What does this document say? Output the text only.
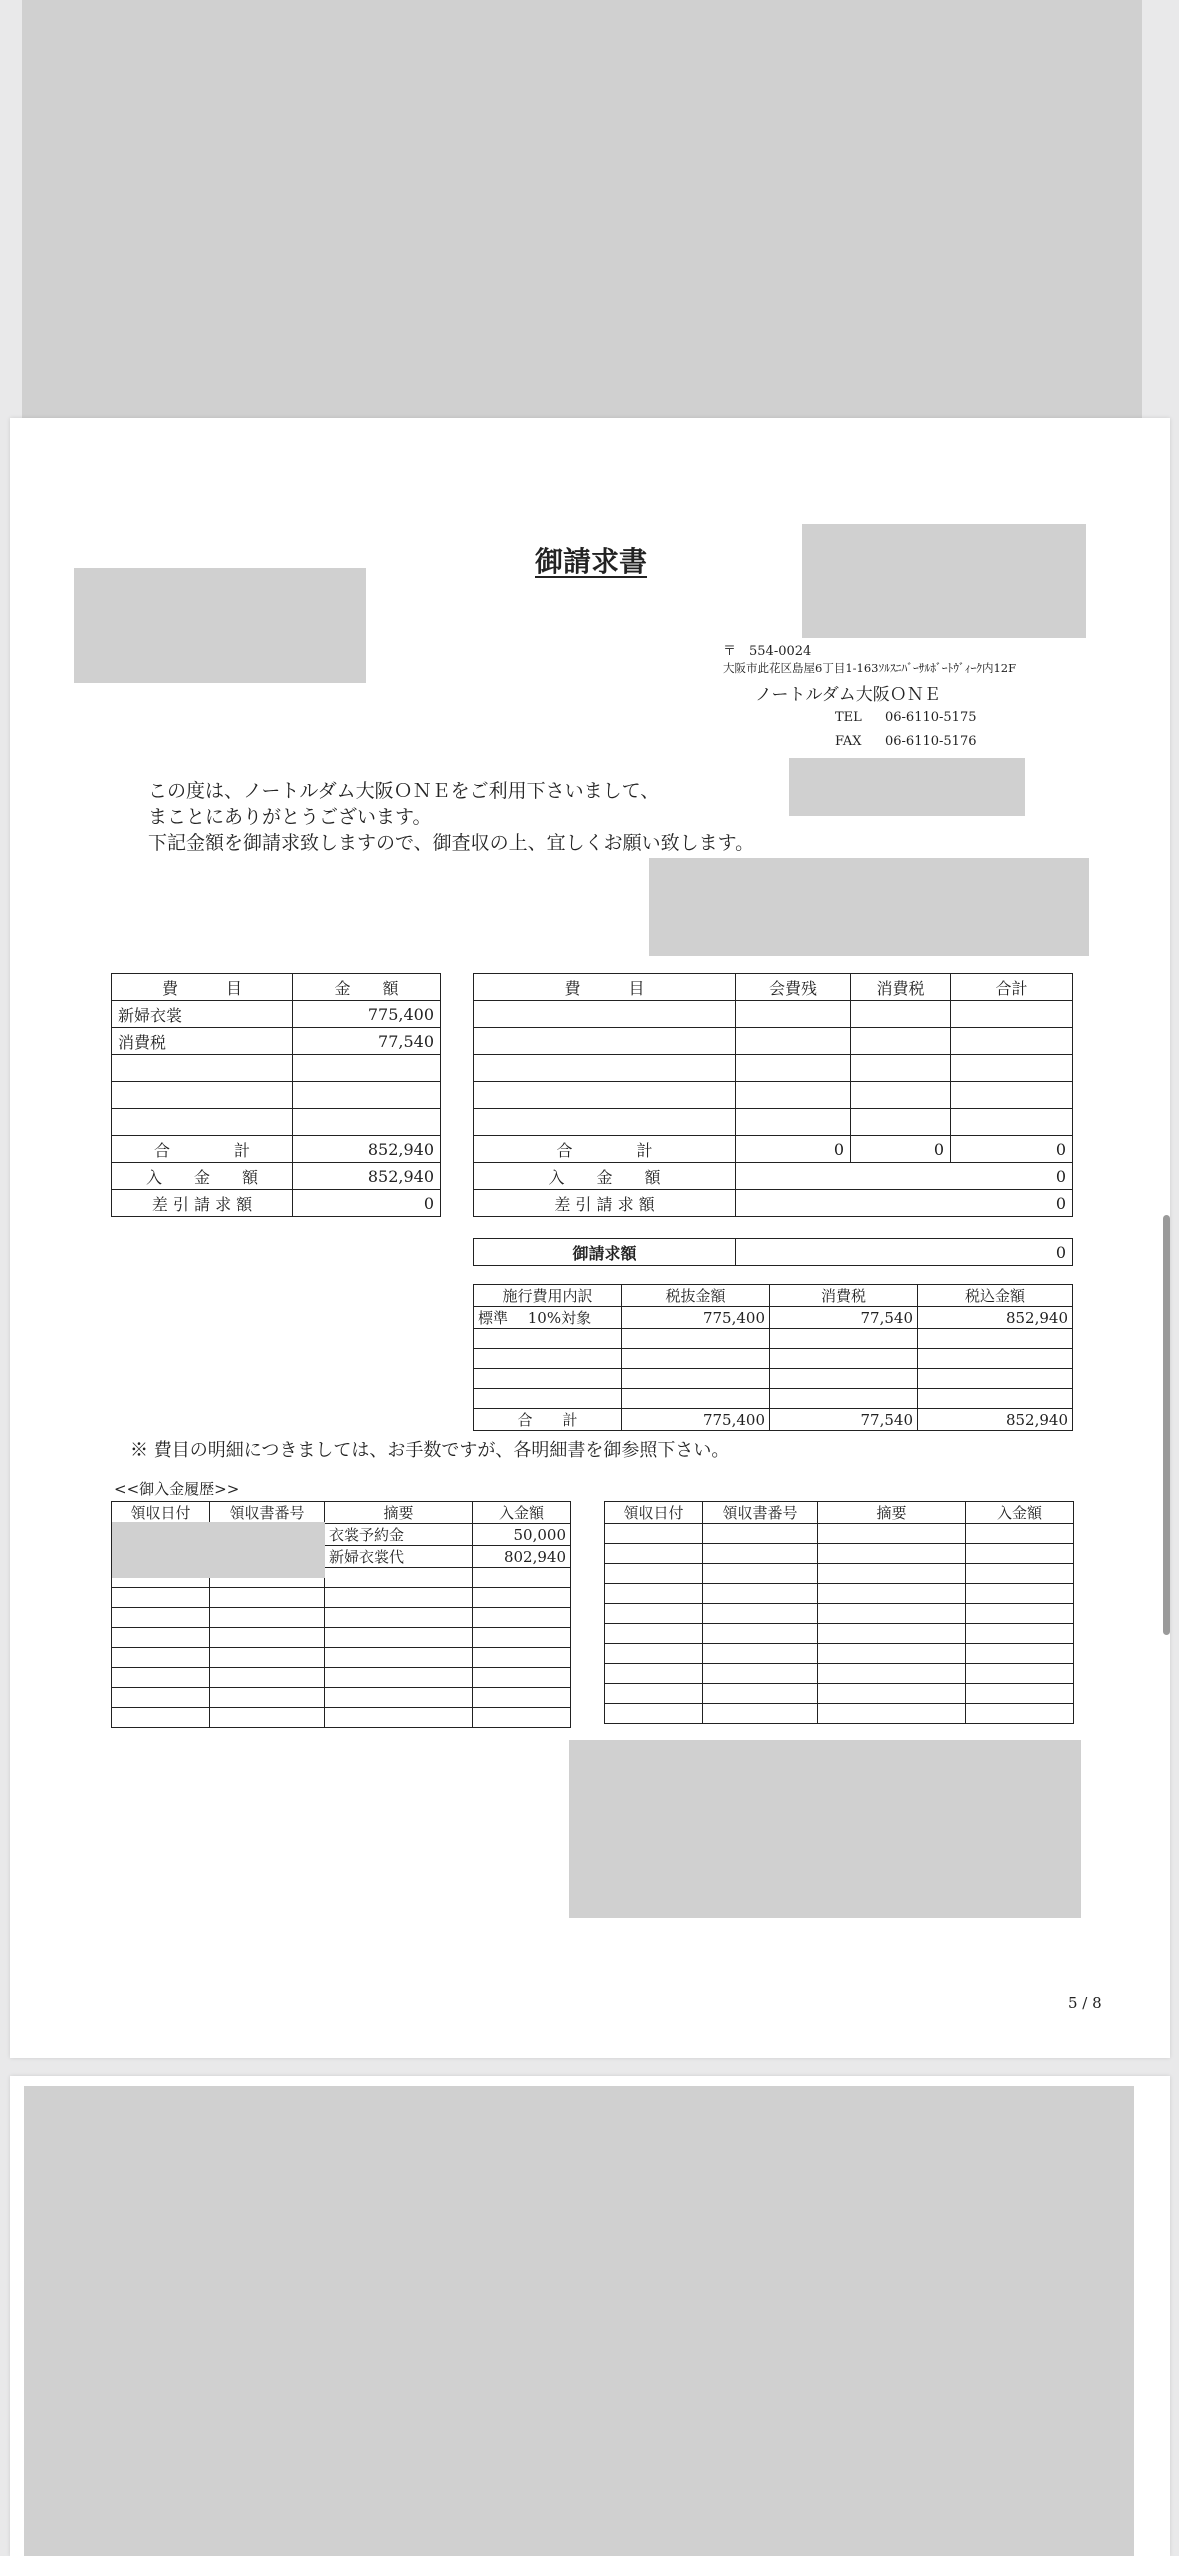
御請求書
〒　554-0024
大阪市此花区島屋6丁目1-163ｿﾙｽﾆﾊﾞｰｻﾙﾎﾞｰﾄｳﾞｨｰｸ内12F
ノートルダム大阪ＯＮＥ
TEL 06-6110-5175
FAX 06-6110-5176
この度は、ノートルダム大阪ＯＮＥをご利用下さいまして、
まことにありがとうございます。
下記金額を御請求致しますので、御査収の上、宜しくお願い致します。
費　　　目	金　　額
新婦衣裳	775,400
消費税	77,540

合　　　　計	852,940
入　　金　　額	852,940
差 引 請 求 額	0
費　　　目	会費残	消費税	合計

合　　　　計	0	0	0
入　　金　　額	0		
差 引 請 求 額	0		
御請求額	0
施行費用内訳	税抜金額	消費税	税込金額
標準　 10%対象	775,400	77,540	852,940

合　　計	775,400	77,540	852,940
※ 費目の明細につきましては、お手数ですが、各明細書を御参照下さい。
<<御入金履歴>>
領収日付	領収書番号	摘要	入金額
		衣裳予約金	50,000
		新婦衣裳代	802,940

領収日付	領収書番号	摘要	入金額

5 / 8
